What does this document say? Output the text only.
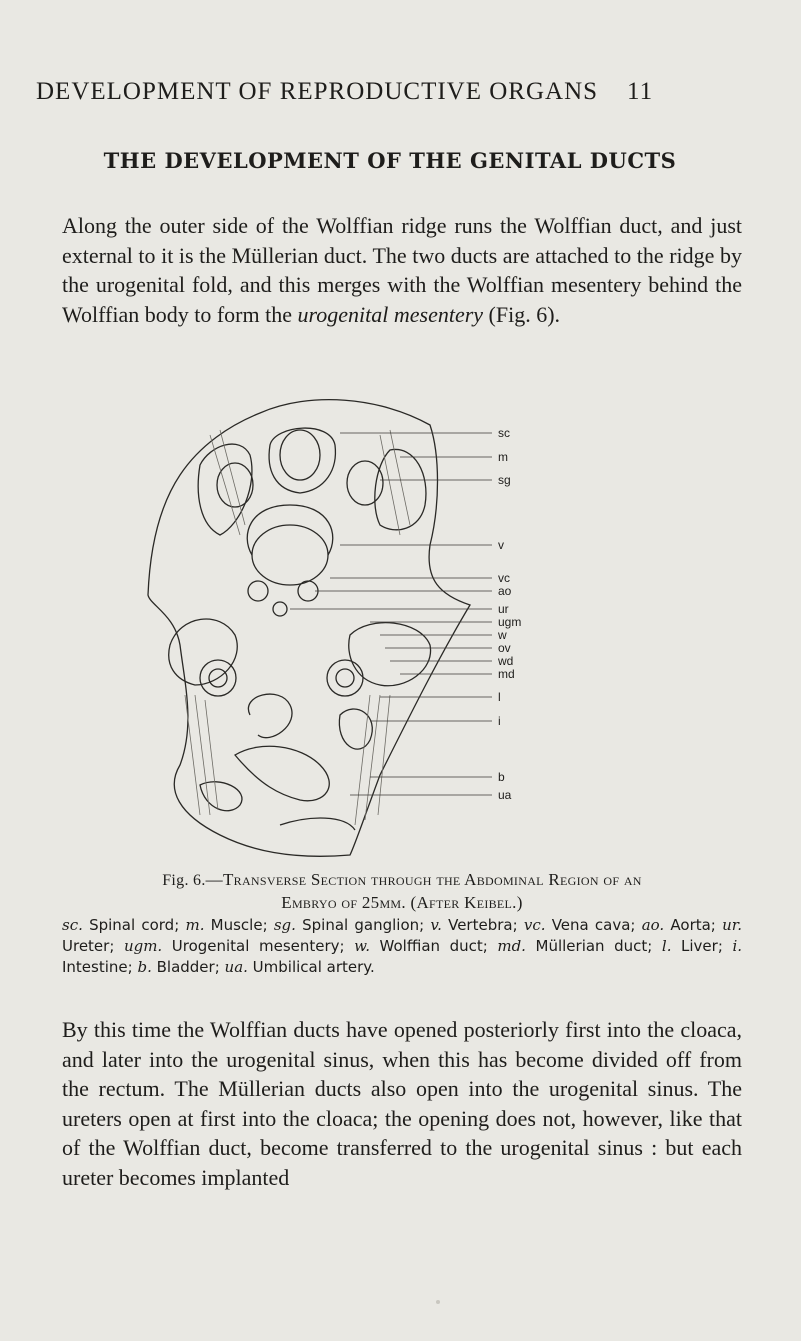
DEVELOPMENT OF REPRODUCTIVE ORGANS 11
THE DEVELOPMENT OF THE GENITAL DUCTS
Along the outer side of the Wolffian ridge runs the Wolffian duct, and just external to it is the Müllerian duct. The two ducts are attached to the ridge by the urogenital fold, and this merges with the Wolffian mesentery behind the Wolffian body to form the urogenital mesentery (Fig. 6).
sc
m
sg
v
vc
ao
ur
ugm
w
ov
wd
md
l
i
b
ua
Fig. 6.—Transverse Section through the Abdominal Region of an
Embryo of 25mm. (After Keibel.)
sc. Spinal cord; m. Muscle; sg. Spinal ganglion; v. Vertebra; vc. Vena cava; ao. Aorta; ur. Ureter; ugm. Urogenital mesentery; w. Wolffian duct; md. Müllerian duct; l. Liver; i. Intestine; b. Bladder; ua. Umbilical artery.
By this time the Wolffian ducts have opened posteriorly first into the cloaca, and later into the urogenital sinus, when this has become divided off from the rectum. The Müllerian ducts also open into the urogenital sinus. The ureters open at first into the cloaca; the opening does not, however, like that of the Wolffian duct, become transferred to the urogenital sinus : but each ureter becomes implanted
